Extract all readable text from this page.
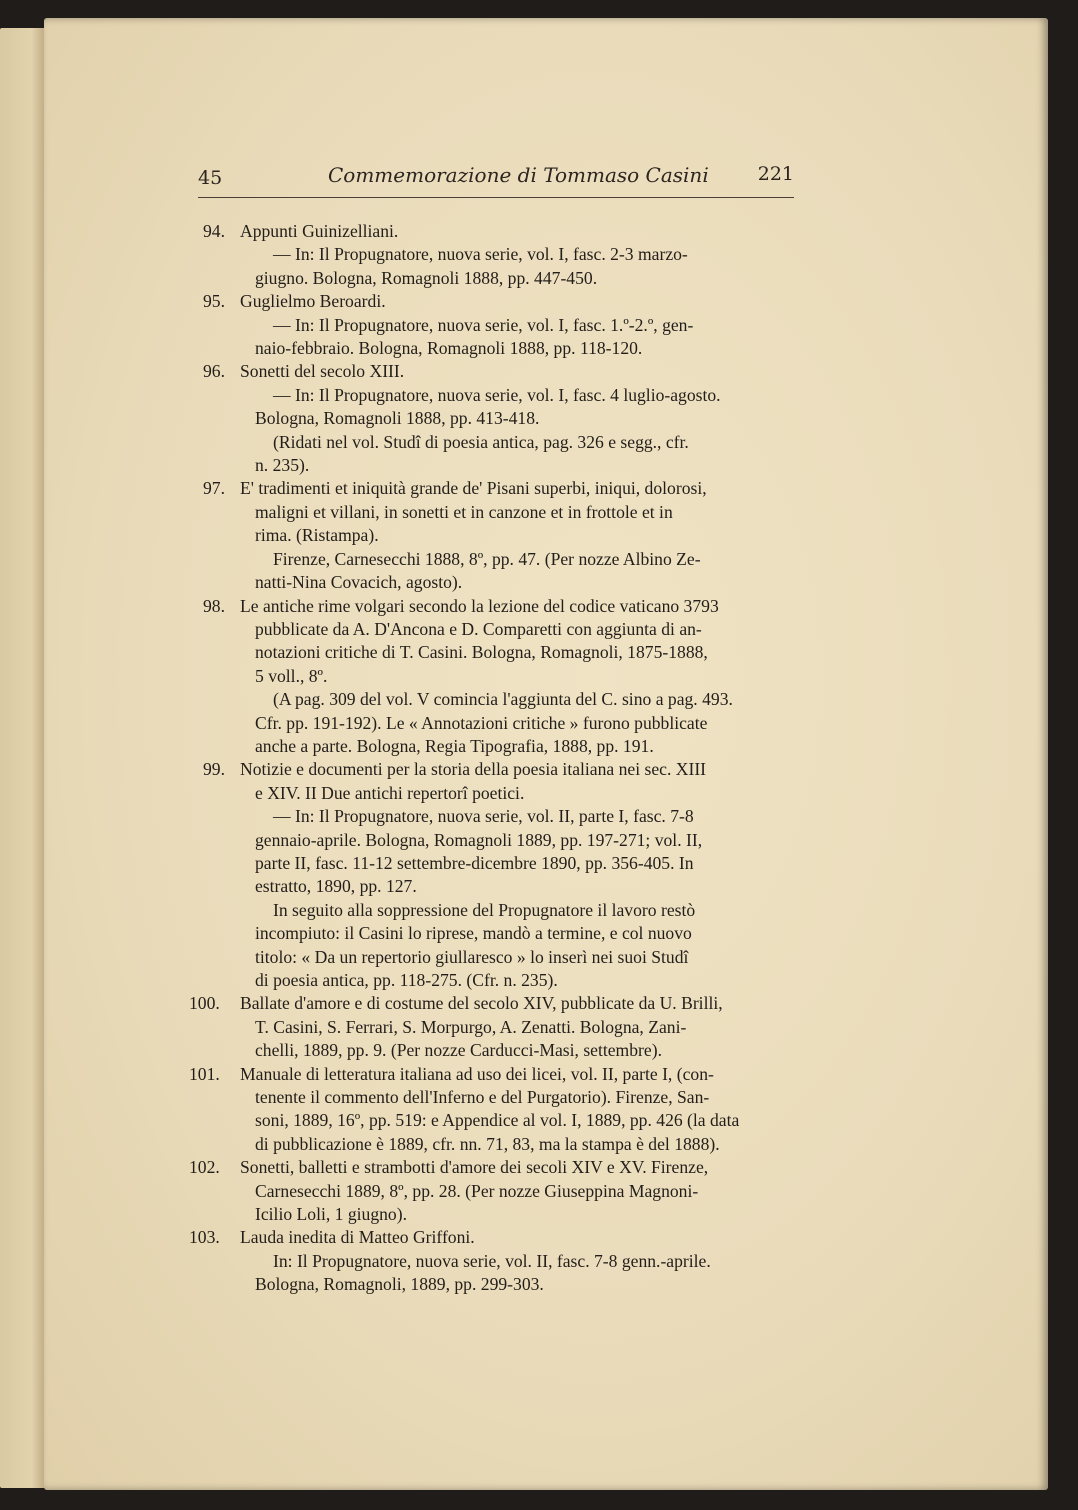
45	Commemorazione di Tommaso Casini	221
94. Appunti Guinizelliani.
— In: Il Propugnatore, nuova serie, vol. I, fasc. 2-3 marzo-
giugno. Bologna, Romagnoli 1888, pp. 447-450.
95. Guglielmo Beroardi.
— In: Il Propugnatore, nuova serie, vol. I, fasc. 1.º-2.º, gen-
naio-febbraio. Bologna, Romagnoli 1888, pp. 118-120.
96. Sonetti del secolo XIII.
— In: Il Propugnatore, nuova serie, vol. I, fasc. 4 luglio-agosto.
Bologna, Romagnoli 1888, pp. 413-418.
(Ridati nel vol. Studî di poesia antica, pag. 326 e segg., cfr.
n. 235).
97. E' tradimenti et iniquità grande de' Pisani superbi, iniqui, dolorosi,
maligni et villani, in sonetti et in canzone et in frottole et in
rima. (Ristampa).
Firenze, Carnesecchi 1888, 8º, pp. 47. (Per nozze Albino Ze-
natti-Nina Covacich, agosto).
98. Le antiche rime volgari secondo la lezione del codice vaticano 3793
pubblicate da A. D'Ancona e D. Comparetti con aggiunta di an-
notazioni critiche di T. Casini. Bologna, Romagnoli, 1875-1888,
5 voll., 8º.
(A pag. 309 del vol. V comincia l'aggiunta del C. sino a pag. 493.
Cfr. pp. 191-192). Le « Annotazioni critiche » furono pubblicate
anche a parte. Bologna, Regia Tipografia, 1888, pp. 191.
99. Notizie e documenti per la storia della poesia italiana nei sec. XIII
e XIV. II Due antichi repertorî poetici.
— In: Il Propugnatore, nuova serie, vol. II, parte I, fasc. 7-8
gennaio-aprile. Bologna, Romagnoli 1889, pp. 197-271; vol. II,
parte II, fasc. 11-12 settembre-dicembre 1890, pp. 356-405. In
estratto, 1890, pp. 127.
In seguito alla soppressione del Propugnatore il lavoro restò
incompiuto: il Casini lo riprese, mandò a termine, e col nuovo
titolo: « Da un repertorio giullaresco » lo inserì nei suoi Studî
di poesia antica, pp. 118-275. (Cfr. n. 235).
100. Ballate d'amore e di costume del secolo XIV, pubblicate da U. Brilli,
T. Casini, S. Ferrari, S. Morpurgo, A. Zenatti. Bologna, Zani-
chelli, 1889, pp. 9. (Per nozze Carducci-Masi, settembre).
101. Manuale di letteratura italiana ad uso dei licei, vol. II, parte I, (con-
tenente il commento dell'Inferno e del Purgatorio). Firenze, San-
soni, 1889, 16º, pp. 519: e Appendice al vol. I, 1889, pp. 426 (la data
di pubblicazione è 1889, cfr. nn. 71, 83, ma la stampa è del 1888).
102. Sonetti, balletti e strambotti d'amore dei secoli XIV e XV. Firenze,
Carnesecchi 1889, 8º, pp. 28. (Per nozze Giuseppina Magnoni-
Icilio Loli, 1 giugno).
103. Lauda inedita di Matteo Griffoni.
In: Il Propugnatore, nuova serie, vol. II, fasc. 7-8 genn.-aprile.
Bologna, Romagnoli, 1889, pp. 299-303.
